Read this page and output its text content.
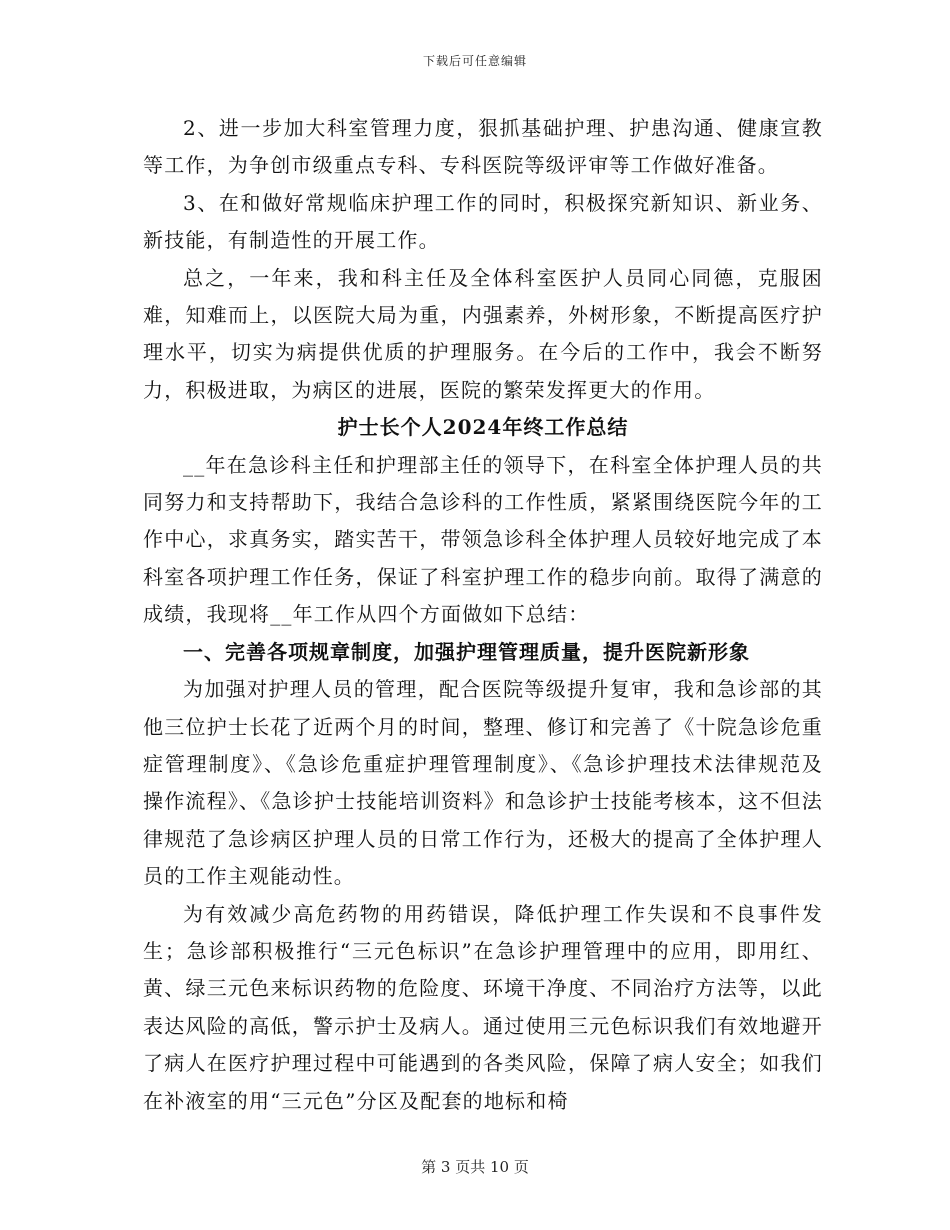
下载后可任意编辑

2、进一步加大科室管理力度，狠抓基础护理、护患沟通、健康宣教等工作，为争创市级重点专科、专科医院等级评审等工作做好准备。

3、在和做好常规临床护理工作的同时，积极探究新知识、新业务、新技能，有制造性的开展工作。

总之，一年来，我和科主任及全体科室医护人员同心同德，克服困难，知难而上，以医院大局为重，内强素养，外树形象，不断提高医疗护理水平，切实为病提供优质的护理服务。在今后的工作中，我会不断努力，积极进取，为病区的进展，医院的繁荣发挥更大的作用。

护士长个人2024年终工作总结

__年在急诊科主任和护理部主任的领导下，在科室全体护理人员的共同努力和支持帮助下，我结合急诊科的工作性质，紧紧围绕医院今年的工作中心，求真务实，踏实苦干，带领急诊科全体护理人员较好地完成了本科室各项护理工作任务，保证了科室护理工作的稳步向前。取得了满意的成绩，我现将__年工作从四个方面做如下总结：

一、完善各项规章制度，加强护理管理质量，提升医院新形象

为加强对护理人员的管理，配合医院等级提升复审，我和急诊部的其他三位护士长花了近两个月的时间，整理、修订和完善了《十院急诊危重症管理制度》、《急诊危重症护理管理制度》、《急诊护理技术法律规范及操作流程》、《急诊护士技能培训资料》和急诊护士技能考核本，这不但法律规范了急诊病区护理人员的日常工作行为，还极大的提高了全体护理人员的工作主观能动性。

为有效减少高危药物的用药错误，降低护理工作失误和不良事件发生；急诊部积极推行“三元色标识”在急诊护理管理中的应用，即用红、黄、绿三元色来标识药物的危险度、环境干净度、不同治疗方法等，以此表达风险的高低，警示护士及病人。通过使用三元色标识我们有效地避开了病人在医疗护理过程中可能遇到的各类风险，保障了病人安全；如我们在补液室的用“三元色”分区及配套的地标和椅

第 3 页共 10 页
